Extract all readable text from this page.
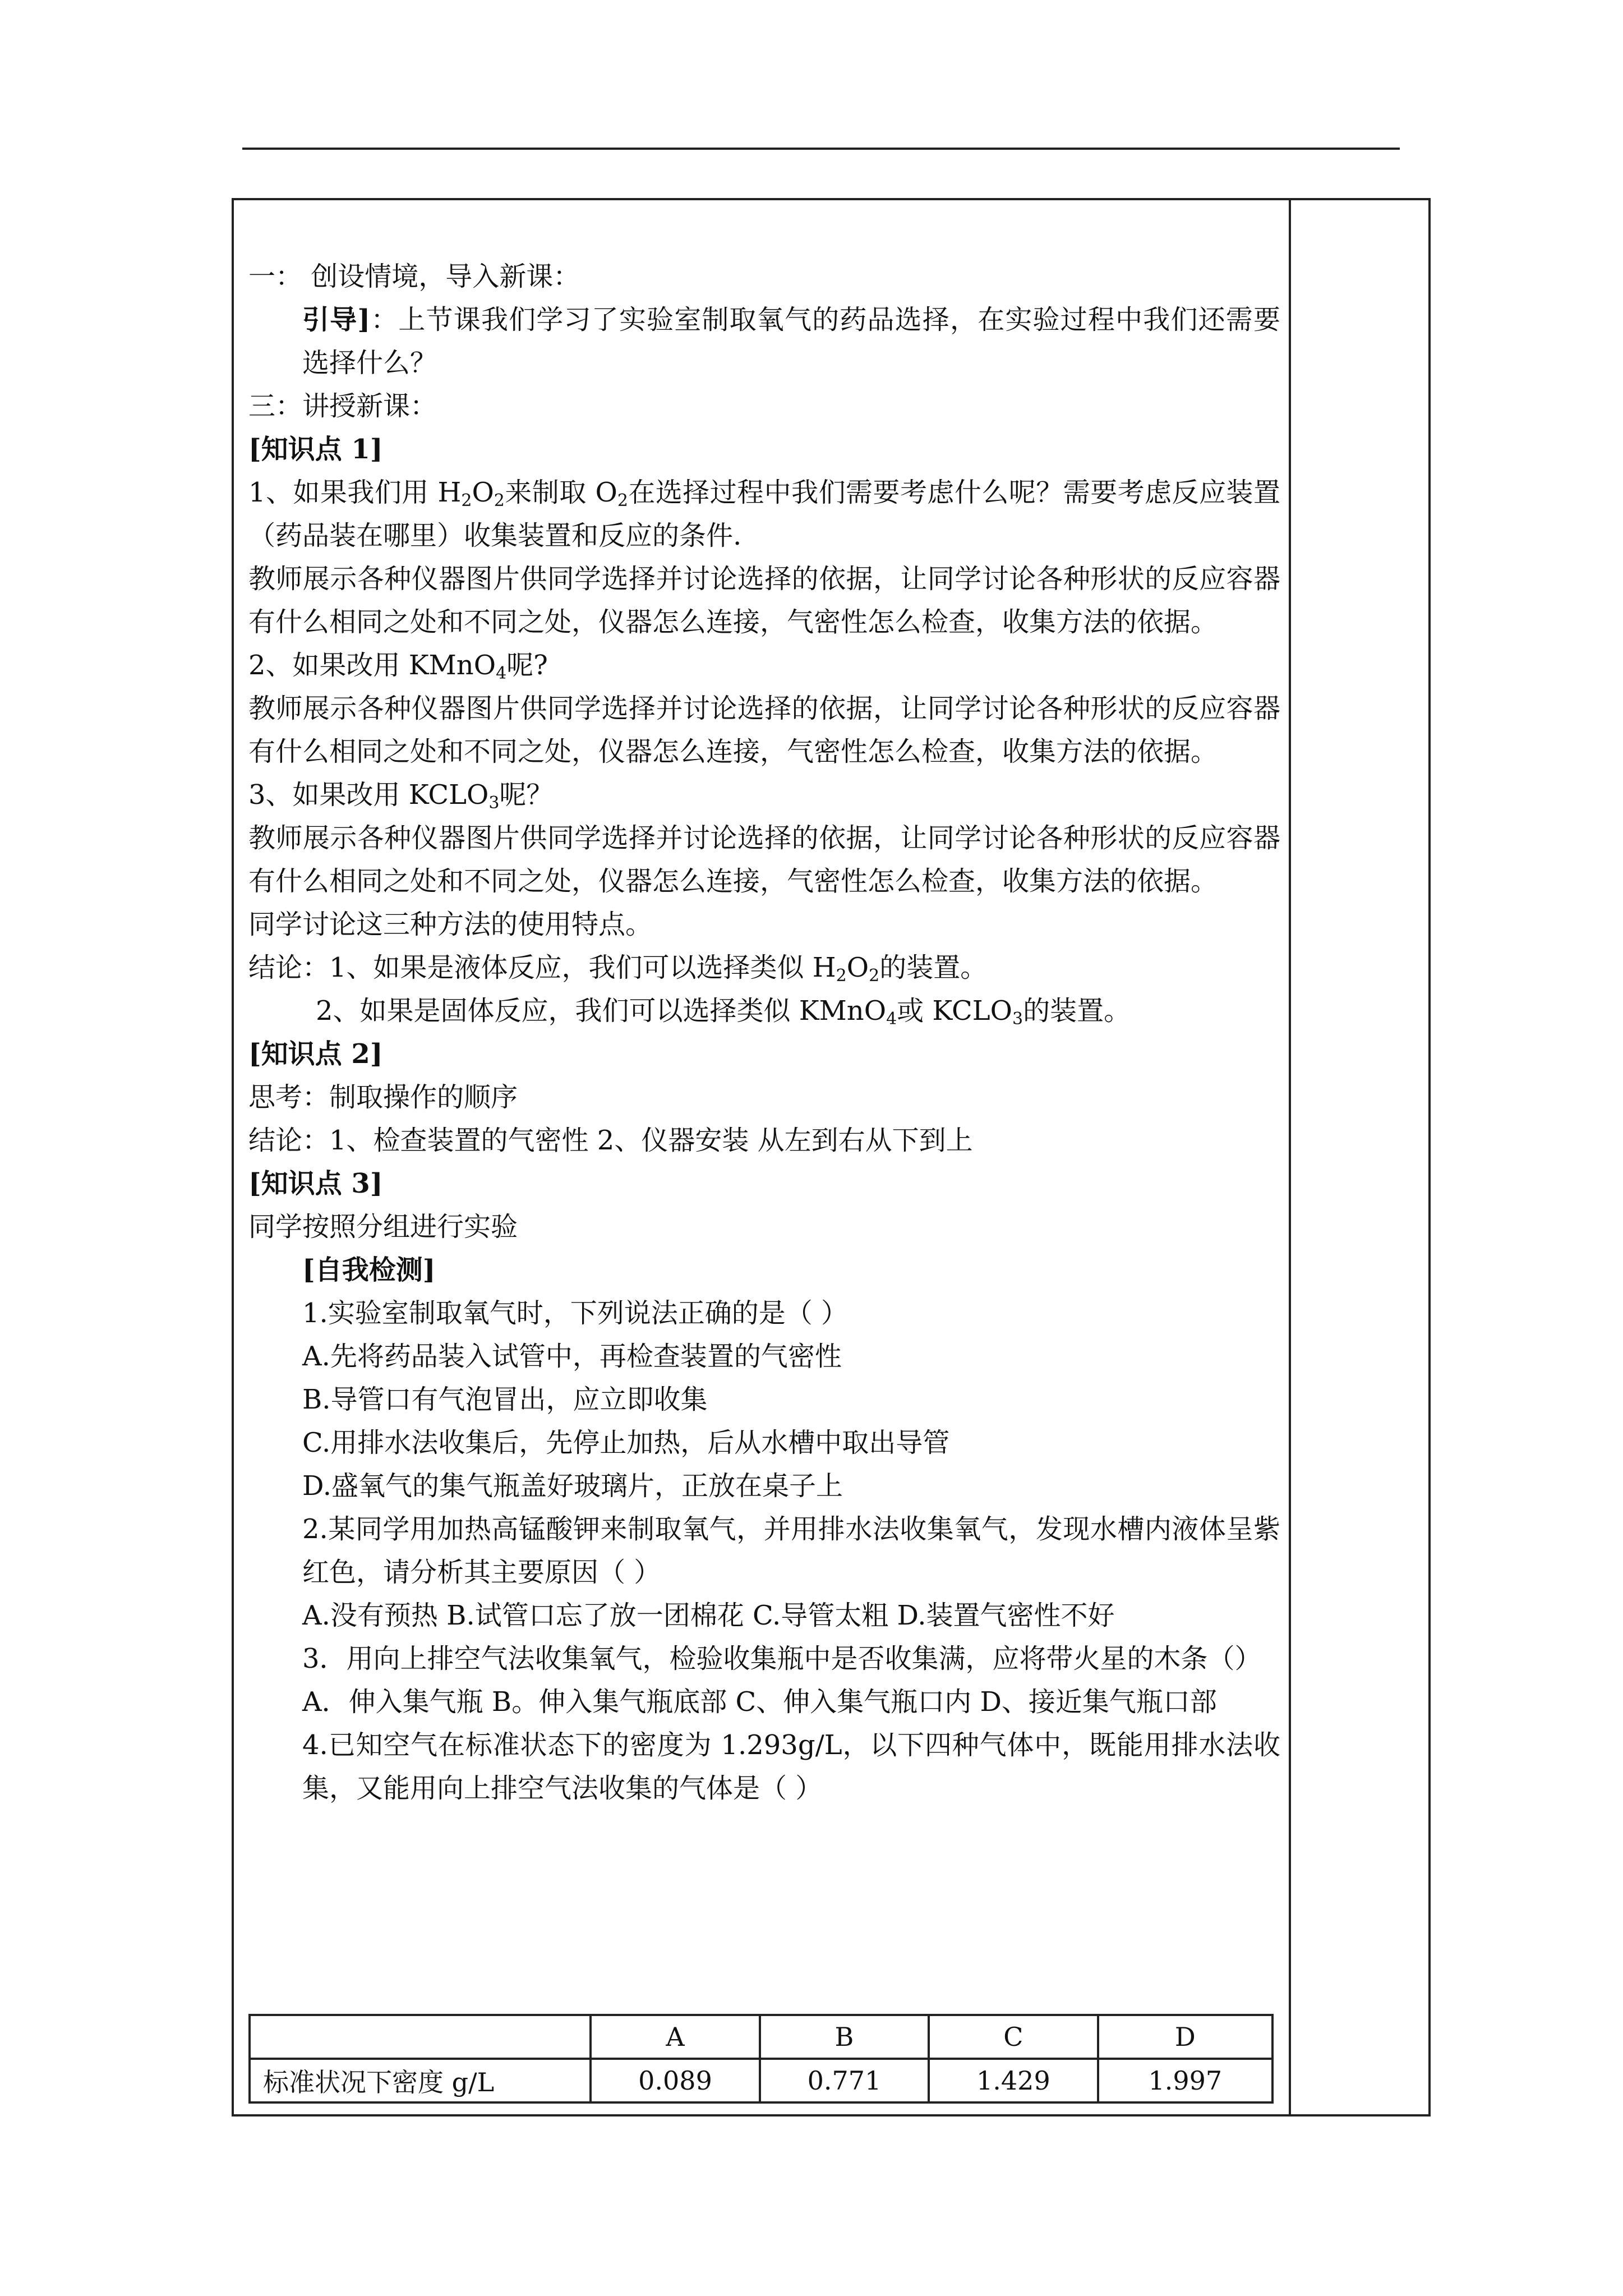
一： 创设情境，导入新课：

引导]：上节课我们学习了实验室制取氧气的药品选择，在实验过程中我们还需要选择什么？

三：讲授新课：

[知识点 1]

1、如果我们用 $H_2O_2$来制取 $O_2$在选择过程中我们需要考虑什么呢？需要考虑反应装置（药品装在哪里）收集装置和反应的条件.

教师展示各种仪器图片供同学选择并讨论选择的依据，让同学讨论各种形状的反应容器有什么相同之处和不同之处，仪器怎么连接，气密性怎么检查，收集方法的依据。

2、如果改用 KMnO$_4$呢?

教师展示各种仪器图片供同学选择并讨论选择的依据，让同学讨论各种形状的反应容器有什么相同之处和不同之处，仪器怎么连接，气密性怎么检查，收集方法的依据。

3、如果改用 $KCLO_3$呢？

教师展示各种仪器图片供同学选择并讨论选择的依据，让同学讨论各种形状的反应容器有什么相同之处和不同之处，仪器怎么连接，气密性怎么检查，收集方法的依据。

同学讨论这三种方法的使用特点。

结论：1、如果是液体反应，我们可以选择类似 $H_2O_2$的装置。

2、如果是固体反应，我们可以选择类似 KMnO$_4$或 $KCLO_3$的装置。

[知识点 2]

思考：制取操作的顺序

结论：1、检查装置的气密性 2、仪器安装 从左到右从下到上

[知识点 3]

同学按照分组进行实验

[自我检测]

1.实验室制取氧气时，下列说法正确的是（ ）

A.先将药品装入试管中，再检查装置的气密性

B.导管口有气泡冒出，应立即收集

C.用排水法收集后，先停止加热，后从水槽中取出导管

D.盛氧气的集气瓶盖好玻璃片，正放在桌子上

2.某同学用加热高锰酸钾来制取氧气，并用排水法收集氧气，发现水槽内液体呈紫红色，请分析其主要原因（ ）

A.没有预热 B.试管口忘了放一团棉花 C.导管太粗 D.装置气密性不好

3．用向上排空气法收集氧气，检验收集瓶中是否收集满，应将带火星的木条（）

A．伸入集气瓶 B。伸入集气瓶底部 C、伸入集气瓶口内 D、接近集气瓶口部

4.已知空气在标准状态下的密度为 1.293g/L，以下四种气体中，既能用排水法收集，又能用向上排空气法收集的气体是（ ）

	A	B	C	D
标准状况下密度 g/L	0.089	0.771	1.429	1.997
